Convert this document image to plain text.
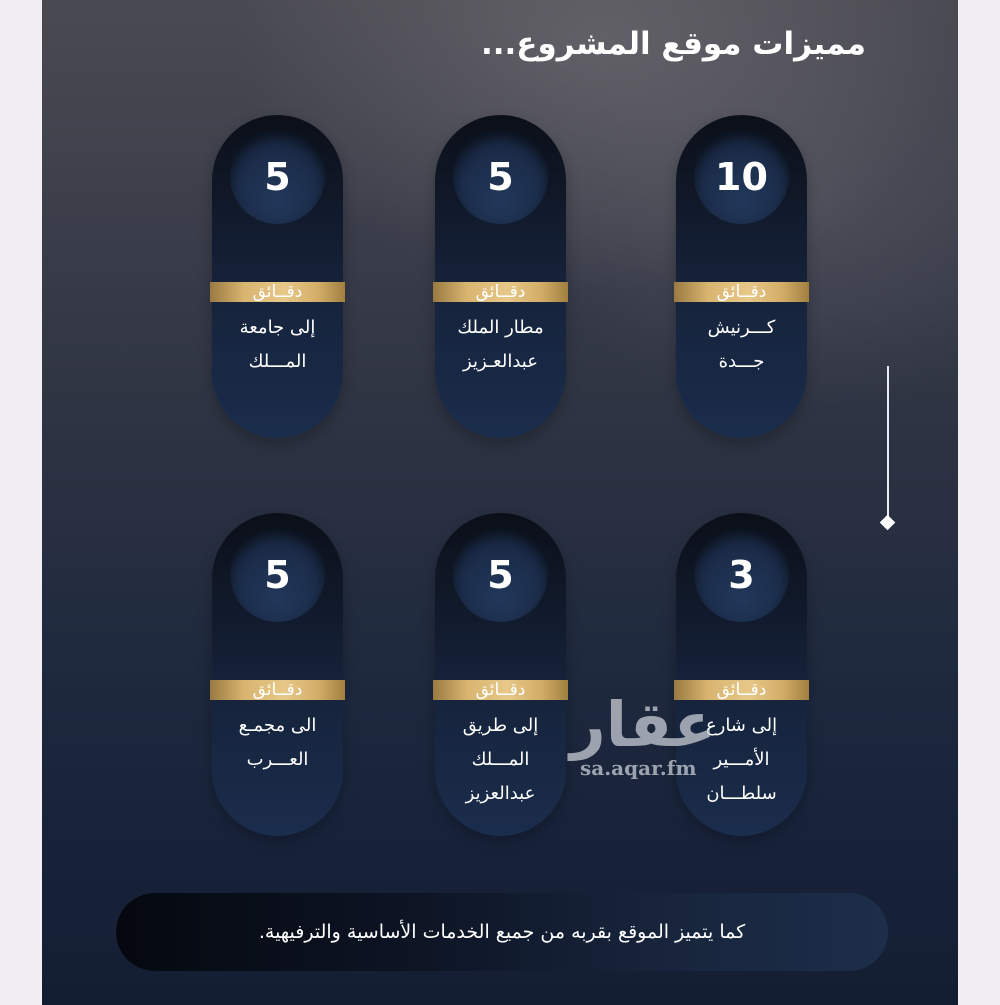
مميزات موقع المشروع...
10
دقــائق
كـــرنيش
جـــدة
5
دقــائق
مطار الملك
عبدالعـزيز
5
دقــائق
إلى جامعة
المـــلك
3
دقــائق
إلى شارع
الأمـــير
سلطـــان
5
دقــائق
إلى طريق
المـــلك
عبدالعزيز
5
دقــائق
الى مجمـع
العـــرب	عقار
sa.aqar.fm
كما يتميز الموقع بقربه من جميع الخدمات الأساسية والترفيهية.
